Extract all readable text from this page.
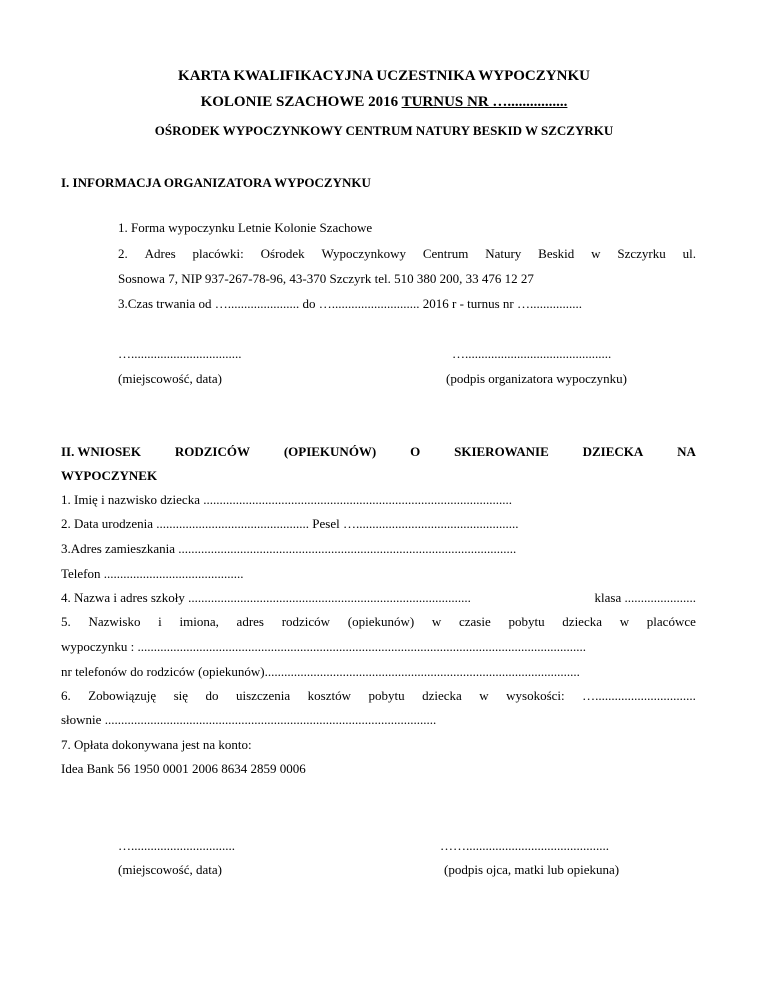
KARTA KWALIFIKACYJNA UCZESTNIKA WYPOCZYNKU
KOLONIE SZACHOWE 2016 TURNUS NR …................
OŚRODEK WYPOCZYNKOWY CENTRUM NATURY BESKID W SZCZYRKU
I. INFORMACJA ORGANIZATORA WYPOCZYNKU
1. Forma wypoczynku Letnie Kolonie Szachowe
2. Adres placówki: Ośrodek Wypoczynkowy Centrum Natury Beskid w Szczyrku ul.
Sosnowa 7, NIP 937-267-78-96, 43-370 Szczyrk tel. 510 380 200, 33 476 12 27
3.Czas trwania od …...................... do …........................... 2016 r - turnus nr …................
…..................................	….............................................
(miejscowość, data)	(podpis organizatora wypoczynku)
II. WNIOSEK	RODZICÓW	(OPIEKUNÓW)	O	SKIEROWANIE	DZIECKA	NA
WYPOCZYNEK
1. Imię i nazwisko dziecka ...............................................................................................
2. Data urodzenia ............................................... Pesel …..................................................
3.Adres zamieszkania ........................................................................................................
Telefon ...........................................
4. Nazwa i adres szkoły .......................................................................................	klasa ......................
5. Nazwisko i imiona, adres rodziców (opiekunów) w czasie pobytu dziecka w placówce
wypoczynku : ..........................................................................................................................................
nr telefonów do rodziców (opiekunów).................................................................................................
6. Zobowiązuję się do uiszczenia kosztów pobytu dziecka w wysokości: …...............................
słownie ......................................................................................................
7. Opłata dokonywana jest na konto:
Idea Bank 56 1950 0001 2006 8634 2859 0006
…................................	……............................................
(miejscowość, data)	(podpis ojca, matki lub opiekuna)
